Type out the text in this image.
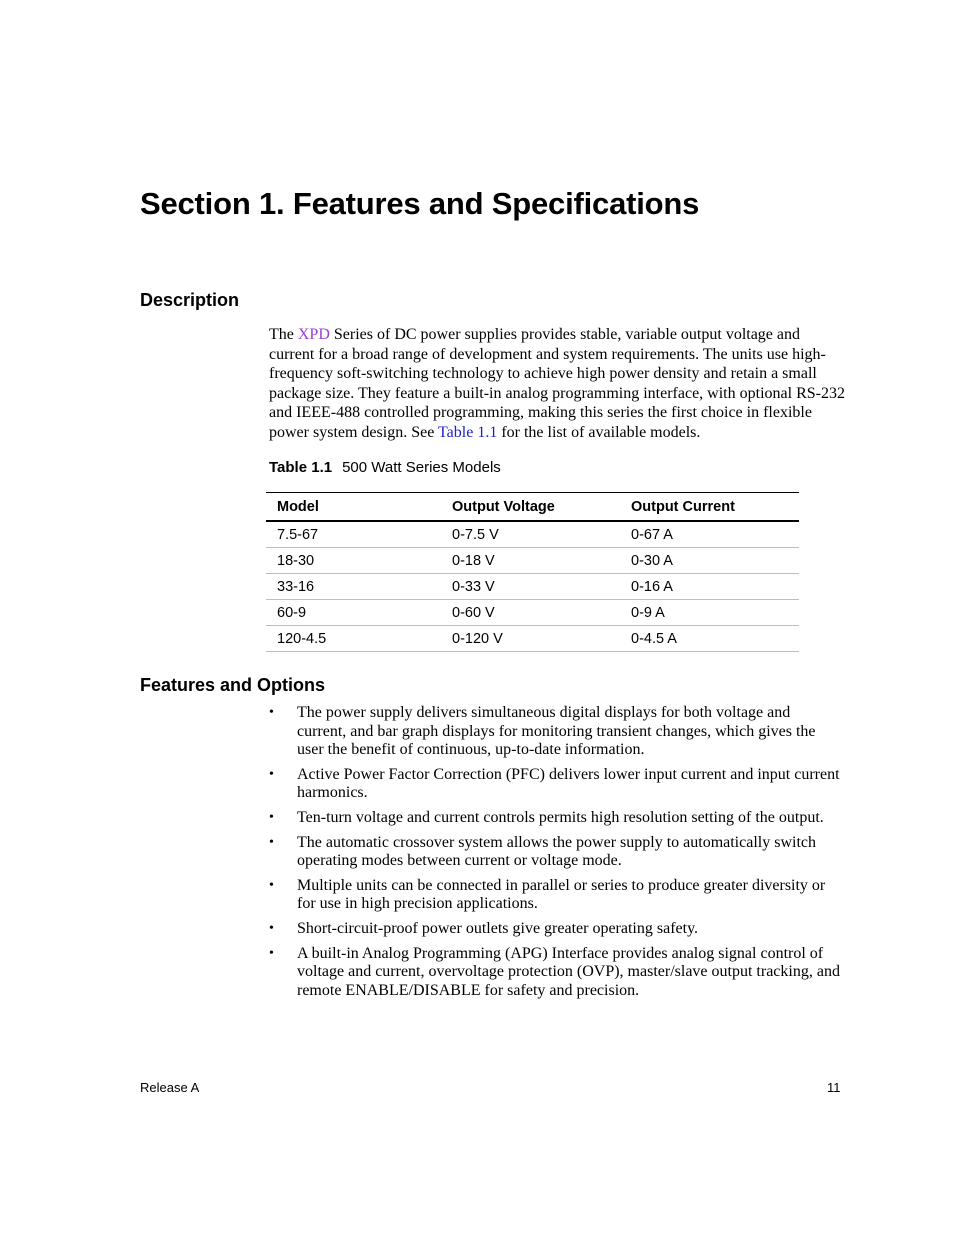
Section 1. Features and Specifications
Description

The XPD Series of DC power supplies provides stable, variable output voltage and current for a broad range of development and system requirements. The units use high-frequency soft-switching technology to achieve high power density and retain a small package size. They feature a built-in analog programming interface, with optional RS-232 and IEEE-488 controlled programming, making this series the first choice in flexible power system design. See Table 1.1 for the list of available models.

Table 1.1 500 Watt Series Models
Model	Output Voltage	Output Current
7.5-67	0-7.5 V	0-67 A
18-30	0-18 V	0-30 A
33-16	0-33 V	0-16 A
60-9	0-60 V	0-9 A
120-4.5	0-120 V	0-4.5 A
Features and Options
• The power supply delivers simultaneous digital displays for both voltage and current, and bar graph displays for monitoring transient changes, which gives the user the benefit of continuous, up-to-date information.
• Active Power Factor Correction (PFC) delivers lower input current and input current harmonics.
• Ten-turn voltage and current controls permits high resolution setting of the output.
• The automatic crossover system allows the power supply to automatically switch operating modes between current or voltage mode.
• Multiple units can be connected in parallel or series to produce greater diversity or for use in high precision applications.
• Short-circuit-proof power outlets give greater operating safety.
• A built-in Analog Programming (APG) Interface provides analog signal control of voltage and current, overvoltage protection (OVP), master/slave output tracking, and remote ENABLE/DISABLE for safety and precision.
Release A	11
